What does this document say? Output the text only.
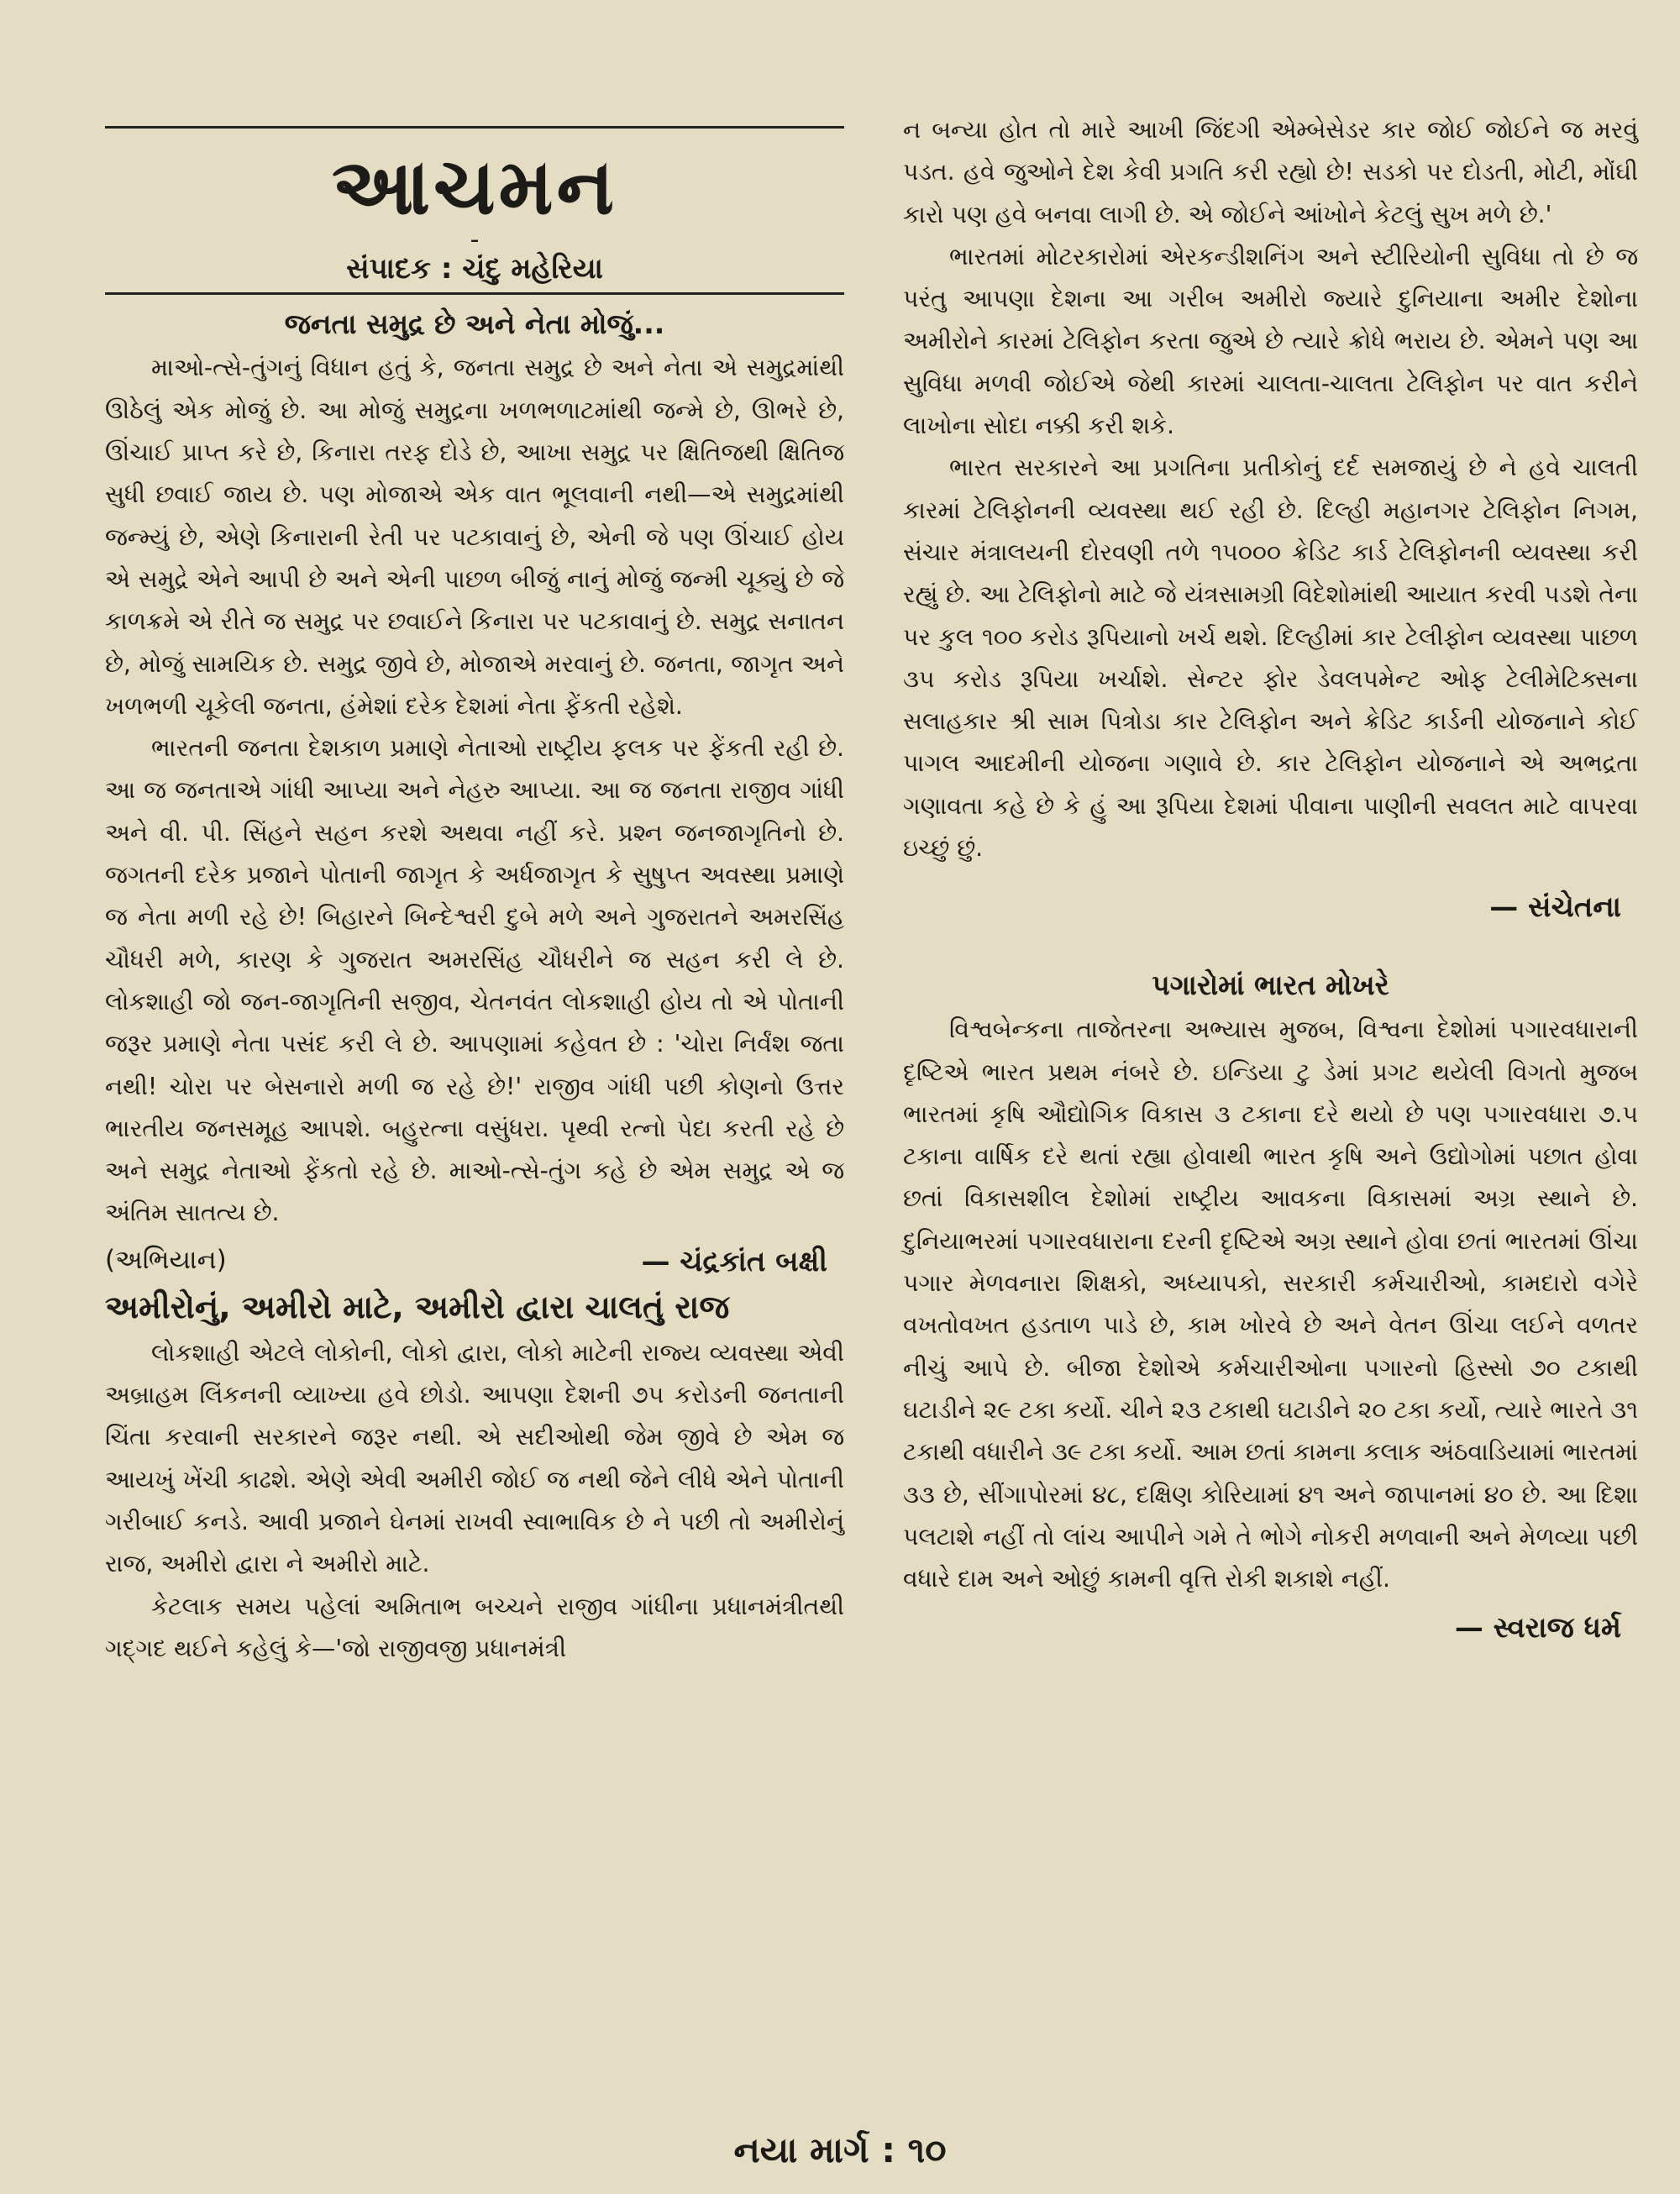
આચમન
-
સંપાદક : ચંદુ મહેરિયા
જનતા સમુદ્ર છે અને નેતા મોજું...

માઓ-ત્સે-તુંગનું વિધાન હતું કે, જનતા સમુદ્ર છે અને નેતા એ સમુદ્રમાંથી ઊઠેલું એક મોજું છે. આ મોજું સમુદ્રના ખળભળાટમાંથી જન્મે છે, ઊભરે છે, ઊંચાઈ પ્રાપ્ત કરે છે, કિનારા તરફ દોડે છે, આખા સમુદ્ર પર ક્ષિતિજથી ક્ષિતિજ સુધી છવાઈ જાય છે. પણ મોજાએ એક વાત ભૂલવાની નથી—એ સમુદ્રમાંથી જન્મ્યું છે, એણે કિનારાની રેતી પર પટકાવાનું છે, એની જે પણ ઊંચાઈ હોય એ સમુદ્રે એને આપી છે અને એની પાછળ બીજું નાનું મોજું જન્મી ચૂક્યું છે જે કાળક્રમે એ રીતે જ સમુદ્ર પર છવાઈને કિનારા પર પટકાવાનું છે. સમુદ્ર સનાતન છે, મોજું સામયિક છે. સમુદ્ર જીવે છે, મોજાએ મરવાનું છે. જનતા, જાગૃત અને ખળભળી ચૂકેલી જનતા, હંમેશાં દરેક દેશમાં નેતા ફેંકતી રહેશે.

ભારતની જનતા દેશકાળ પ્રમાણે નેતાઓ રાષ્ટ્રીય ફલક પર ફેંકતી રહી છે. આ જ જનતાએ ગાંધી આપ્યા અને નેહરુ આપ્યા. આ જ જનતા રાજીવ ગાંધી અને વી. પી. સિંહને સહન કરશે અથવા નહીં કરે. પ્રશ્ન જનજાગૃતિનો છે. જગતની દરેક પ્રજાને પોતાની જાગૃત કે અર્ધજાગૃત કે સુષુપ્ત અવસ્થા પ્રમાણે જ નેતા મળી રહે છે! બિહારને બિન્દેશ્વરી દુબે મળે અને ગુજરાતને અમરસિંહ ચૌધરી મળે, કારણ કે ગુજરાત અમરસિંહ ચૌધરીને જ સહન કરી લે છે. લોકશાહી જો જન-જાગૃતિની સજીવ, ચેતનવંત લોકશાહી હોય તો એ પોતાની જરૂર પ્રમાણે નેતા પસંદ કરી લે છે. આપણામાં કહેવત છે : 'ચોરા નિર્વંશ જતા નથી! ચોરા પર બેસનારો મળી જ રહે છે!' રાજીવ ગાંધી પછી કોણનો ઉત્તર ભારતીય જનસમૂહ આપશે. બહુરત્ના વસુંધરા. પૃથ્વી રત્નો પેદા કરતી રહે છે અને સમુદ્ર નેતાઓ ફેંકતો રહે છે. માઓ-ત્સે-તુંગ કહે છે એમ સમુદ્ર એ જ અંતિમ સાતત્ય છે.

(અભિયાન)	— ચંદ્રકાંત બક્ષી
અમીરોનું, અમીરો માટે, અમીરો દ્વારા ચાલતું રાજ

લોકશાહી એટલે લોકોની, લોકો દ્વારા, લોકો માટેની રાજ્ય વ્યવસ્થા એવી અબ્રાહમ લિંકનની વ્યાખ્યા હવે છોડો. આપણા દેશની ૭૫ કરોડની જનતાની ચિંતા કરવાની સરકારને જરૂર નથી. એ સદીઓથી જેમ જીવે છે એમ જ આયખું ખેંચી કાઢશે. એણે એવી અમીરી જોઈ જ નથી જેને લીધે એને પોતાની ગરીબાઈ કનડે. આવી પ્રજાને ઘેનમાં રાખવી સ્વાભાવિક છે ને પછી તો અમીરોનું રાજ, અમીરો દ્વારા ને અમીરો માટે.

કેટલાક સમય પહેલાં અમિતાભ બચ્ચને રાજીવ ગાંધીના પ્રધાનમંત્રીતથી ગદ્ગદ થઈને કહેલું કે—'જો રાજીવજી પ્રધાનમંત્રી

ન બન્યા હોત તો મારે આખી જિંદગી એમ્બેસેડર કાર જોઈ જોઈને જ મરવું પડત. હવે જુઓને દેશ કેવી પ્રગતિ કરી રહ્યો છે! સડકો પર દોડતી, મોટી, મોંઘી કારો પણ હવે બનવા લાગી છે. એ જોઈને આંખોને કેટલું સુખ મળે છે.'

ભારતમાં મોટરકારોમાં એરકન્ડીશનિંગ અને સ્ટીરિયોની સુવિધા તો છે જ પરંતુ આપણા દેશના આ ગરીબ અમીરો જ્યારે દુનિયાના અમીર દેશોના અમીરોને કારમાં ટેલિફોન કરતા જુએ છે ત્યારે ક્રોધે ભરાય છે. એમને પણ આ સુવિધા મળવી જોઈએ જેથી કારમાં ચાલતા-ચાલતા ટેલિફોન પર વાત કરીને લાખોના સોદા નક્કી કરી શકે.

ભારત સરકારને આ પ્રગતિના પ્રતીકોનું દર્દ સમજાયું છે ને હવે ચાલતી કારમાં ટેલિફોનની વ્યવસ્થા થઈ રહી છે. દિલ્હી મહાનગર ટેલિફોન નિગમ, સંચાર મંત્રાલયની દોરવણી તળે ૧૫૦૦૦ ક્રેડિટ કાર્ડ ટેલિફોનની વ્યવસ્થા કરી રહ્યું છે. આ ટેલિફોનો માટે જે યંત્રસામગ્રી વિદેશોમાંથી આયાત કરવી પડશે તેના પર કુલ ૧૦૦ કરોડ રૂપિયાનો ખર્ચ થશે. દિલ્હીમાં કાર ટેલીફોન વ્યવસ્થા પાછળ ૩૫ કરોડ રૂપિયા ખર્ચાશે. સેન્ટર ફોર ડેવલપમેન્ટ ઓફ ટેલીમેટિક્સના સલાહકાર શ્રી સામ પિત્રોડા કાર ટેલિફોન અને ક્રેડિટ કાર્ડની યોજનાને કોઈ પાગલ આદમીની યોજના ગણાવે છે. કાર ટેલિફોન યોજનાને એ અભદ્રતા ગણાવતા કહે છે કે હું આ રૂપિયા દેશમાં પીવાના પાણીની સવલત માટે વાપરવા ઇચ્છું છું.

— સંચેતના
પગારોમાં ભારત મોખરે

વિશ્વબેન્કના તાજેતરના અભ્યાસ મુજબ, વિશ્વના દેશોમાં પગારવધારાની દૃષ્ટિએ ભારત પ્રથમ નંબરે છે. ઇન્ડિયા ટુ ડેમાં પ્રગટ થયેલી વિગતો મુજબ ભારતમાં કૃષિ ઔદ્યોગિક વિકાસ ૩ ટકાના દરે થયો છે પણ પગારવધારા ૭.૫ ટકાના વાર્ષિક દરે થતાં રહ્યા હોવાથી ભારત કૃષિ અને ઉદ્યોગોમાં પછાત હોવા છતાં વિકાસશીલ દેશોમાં રાષ્ટ્રીય આવકના વિકાસમાં અગ્ર સ્થાને છે. દુનિયાભરમાં પગારવધારાના દરની દૃષ્ટિએ અગ્ર સ્થાને હોવા છતાં ભારતમાં ઊંચા પગાર મેળવનારા શિક્ષકો, અધ્યાપકો, સરકારી કર્મચારીઓ, કામદારો વગેરે વખતોવખત હડતાળ પાડે છે, કામ ખોરવે છે અને વેતન ઊંચા લઈને વળતર નીચું આપે છે. બીજા દેશોએ કર્મચારીઓના પગારનો હિસ્સો ૭૦ ટકાથી ઘટાડીને ૨૯ ટકા કર્યો. ચીને ૨૩ ટકાથી ઘટાડીને ૨૦ ટકા કર્યો, ત્યારે ભારતે ૩૧ ટકાથી વધારીને ૩૯ ટકા કર્યો. આમ છતાં કામના કલાક અંઠવાડિયામાં ભારતમાં ૩૩ છે, સીંગાપોરમાં ૪૮, દક્ષિણ કોરિયામાં ૪૧ અને જાપાનમાં ૪૦ છે. આ દિશા પલટાશે નહીં તો લાંચ આપીને ગમે તે ભોગે નોકરી મળવાની અને મેળવ્યા પછી વધારે દામ અને ઓછું કામની વૃત્તિ રોકી શકાશે નહીં.

— સ્વરાજ ધર્મ
નયા માર્ગ : ૧૦
